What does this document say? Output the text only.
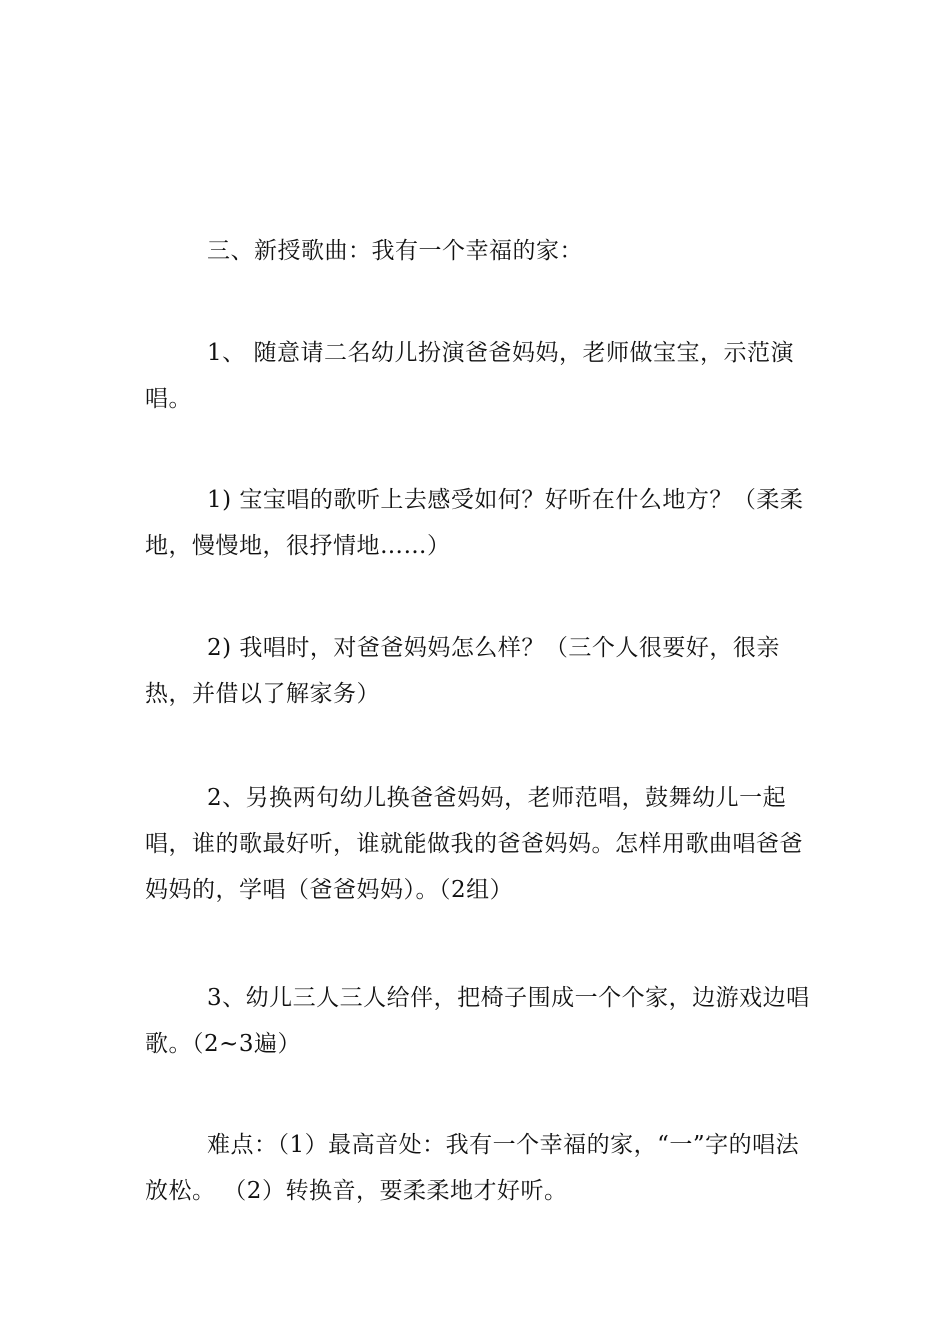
三、新授歌曲：我有一个幸福的家：

1、 随意请二名幼儿扮演爸爸妈妈，老师做宝宝，示范演唱。

1) 宝宝唱的歌听上去感受如何？好听在什么地方？（柔柔地，慢慢地，很抒情地……）

2) 我唱时，对爸爸妈妈怎么样？（三个人很要好，很亲热，并借以了解家务）

2、另换两句幼儿换爸爸妈妈，老师范唱，鼓舞幼儿一起唱，谁的歌最好听，谁就能做我的爸爸妈妈。怎样用歌曲唱爸爸妈妈的，学唱（爸爸妈妈）。（2组）

3、幼儿三人三人给伴，把椅子围成一个个家，边游戏边唱歌。（2~3遍）

难点：（1）最高音处：我有一个幸福的家，“一”字的唱法放松。 （2）转换音，要柔柔地才好听。
